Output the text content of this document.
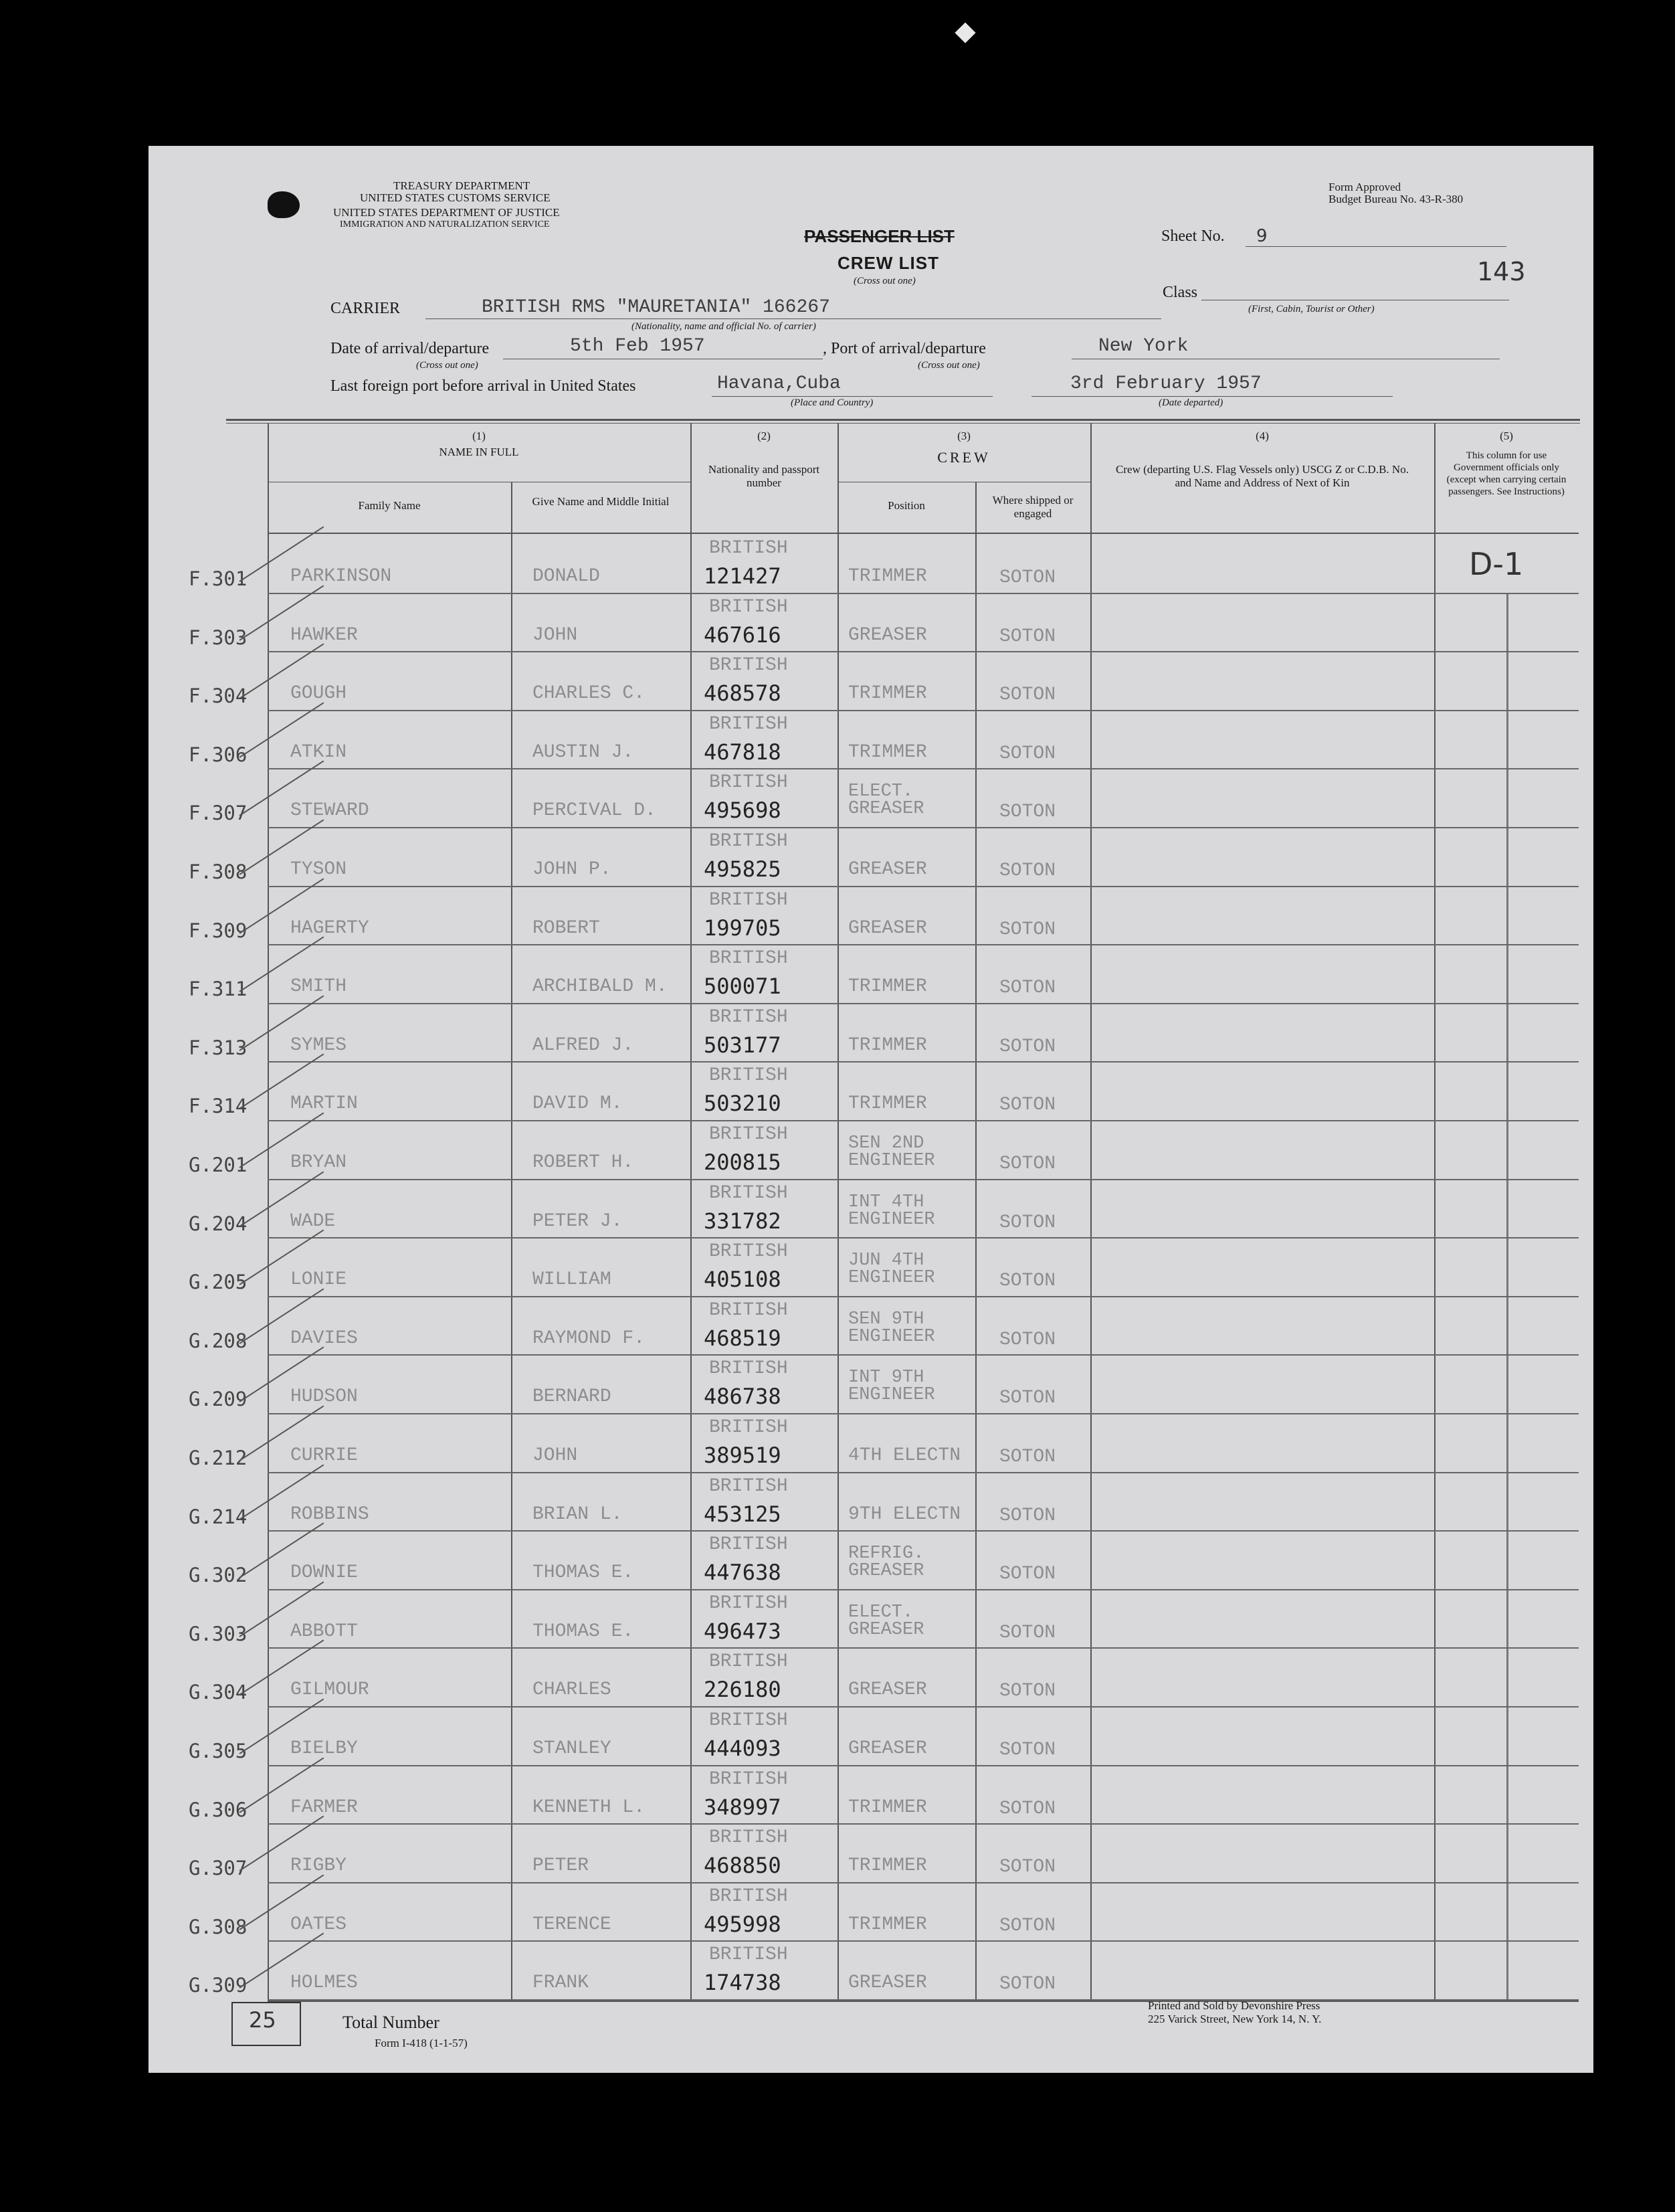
TREASURY DEPARTMENT
UNITED STATES CUSTOMS SERVICE
UNITED STATES DEPARTMENT OF JUSTICE
IMMIGRATION AND NATURALIZATION SERVICE
Form Approved
Budget Bureau No. 43-R-380
PASSENGER LIST
CREW LIST
(Cross out one)
Sheet No. 9
143
Class
(First, Cabin, Tourist or Other)
CARRIER	BRITISH RMS "MAURETANIA" 166267
(Nationality, name and official No. of carrier)
Date of arrival/departure	5th Feb 1957
(Cross out one)
, Port of arrival/departure	New York
(Cross out one)
Last foreign port before arrival in United States	Havana,Cuba
(Place and Country)
3rd February 1957
(Date departed)
(1)
NAME IN FULL
Family Name	Give Name and Middle Initial
(2)
Nationality and passport number
(3)
CREW
Position	Where shipped or engaged
(4)
Crew (departing U.S. Flag Vessels only) USCG Z or C.D.B. No. and Name and Address of Next of Kin
(5)
This column for use Government officials only (except when carrying certain passengers. See Instructions)
D-1
F.301 PARKINSON	DONALD
BRITISH
121427	TRIMMER	SOTON
F.303 HAWKER	JOHN
BRITISH
467616	GREASER	SOTON
F.304 GOUGH	CHARLES C.
BRITISH
468578	TRIMMER	SOTON
F.306 ATKIN	AUSTIN J.
BRITISH
467818	TRIMMER	SOTON
F.307 STEWARD	PERCIVAL D.
BRITISH
495698
ELECT.
GREASER	SOTON
F.308 TYSON	JOHN P.
BRITISH
495825	GREASER	SOTON
F.309 HAGERTY	ROBERT
BRITISH
199705	GREASER	SOTON
F.311 SMITH	ARCHIBALD M.
BRITISH
500071	TRIMMER	SOTON
F.313 SYMES	ALFRED J.
BRITISH
503177	TRIMMER	SOTON
F.314 MARTIN	DAVID M.
BRITISH
503210	TRIMMER	SOTON
G.201 BRYAN	ROBERT H.
BRITISH
200815
SEN 2ND
ENGINEER	SOTON
G.204 WADE	PETER J.
BRITISH
331782
INT 4TH
ENGINEER	SOTON
G.205 LONIE	WILLIAM
BRITISH
405108
JUN 4TH
ENGINEER	SOTON
G.208 DAVIES	RAYMOND F.
BRITISH
468519
SEN 9TH
ENGINEER	SOTON
G.209 HUDSON	BERNARD
BRITISH
486738
INT 9TH
ENGINEER	SOTON
G.212 CURRIE	JOHN
BRITISH
389519	4TH ELECTN SOTON
G.214 ROBBINS	BRIAN L.
BRITISH
453125	9TH ELECTN SOTON
G.302 DOWNIE	THOMAS E.
BRITISH
447638
REFRIG.
GREASER	SOTON
G.303 ABBOTT	THOMAS E.
BRITISH
496473
ELECT.
GREASER	SOTON
G.304 GILMOUR	CHARLES
BRITISH
226180	GREASER	SOTON
G.305 BIELBY	STANLEY
BRITISH
444093	GREASER	SOTON
G.306 FARMER	KENNETH L.
BRITISH
348997	TRIMMER	SOTON
G.307 RIGBY	PETER
BRITISH
468850	TRIMMER	SOTON
G.308 OATES	TERENCE
BRITISH
495998	TRIMMER	SOTON
G.309 HOLMES	FRANK
BRITISH
174738	GREASER	SOTON
25	Total Number
Form I-418 (1-1-57)
Printed and Sold by Devonshire Press
225 Varick Street, New York 14, N. Y.
